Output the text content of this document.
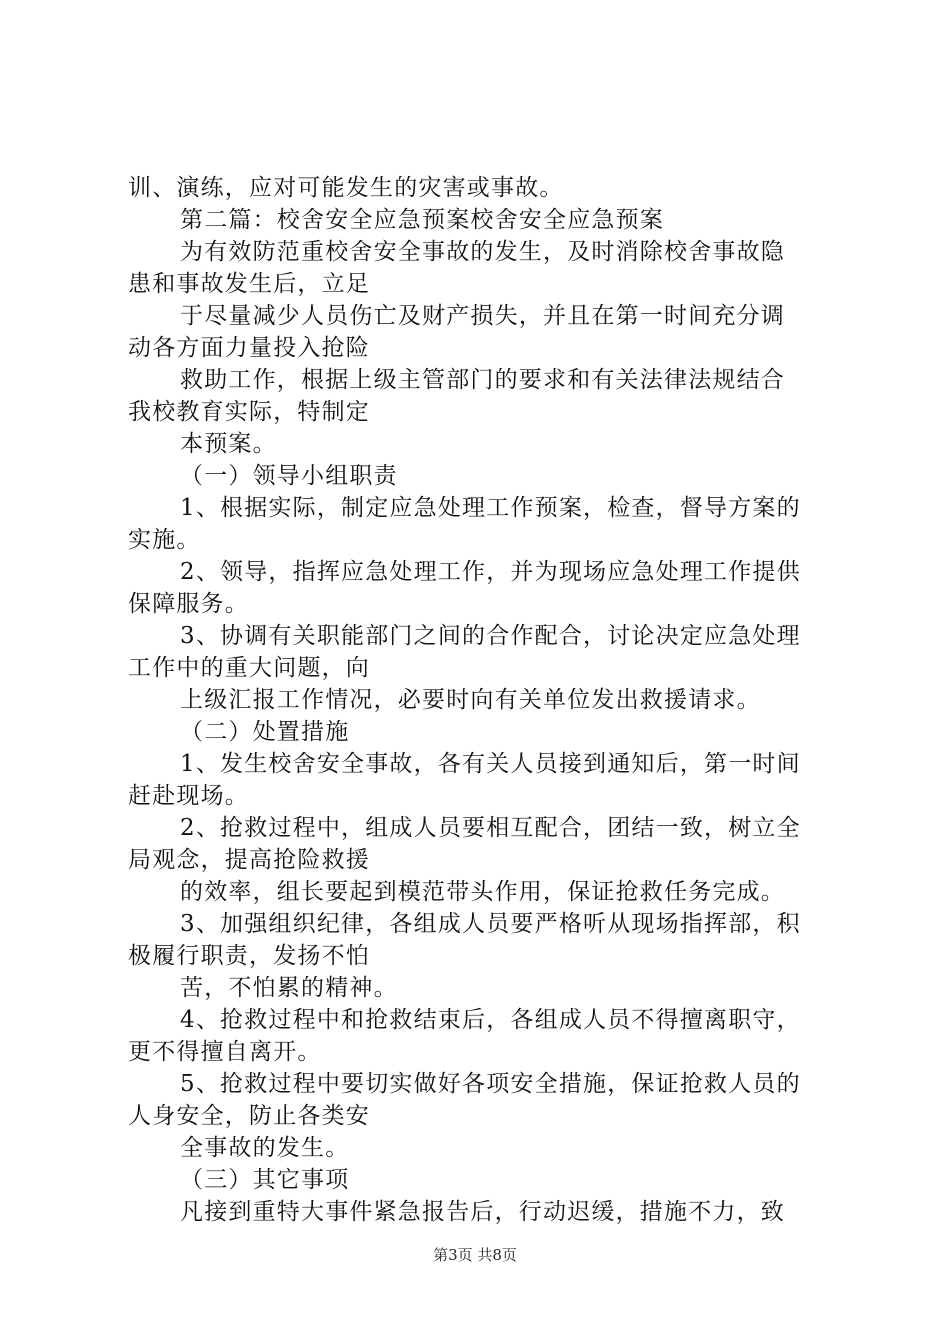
训、演练，应对可能发生的灾害或事故。
第二篇：校舍安全应急预案校舍安全应急预案
为有效防范重校舍安全事故的发生，及时消除校舍事故隐
患和事故发生后，立足
于尽量减少人员伤亡及财产损失，并且在第一时间充分调
动各方面力量投入抢险
救助工作，根据上级主管部门的要求和有关法律法规结合
我校教育实际，特制定
本预案。
（一）领导小组职责
1、根据实际，制定应急处理工作预案，检查，督导方案的
实施。
2、领导，指挥应急处理工作，并为现场应急处理工作提供
保障服务。
3、协调有关职能部门之间的合作配合，讨论决定应急处理
工作中的重大问题，向
上级汇报工作情况，必要时向有关单位发出救援请求。
（二）处置措施
1、发生校舍安全事故，各有关人员接到通知后，第一时间
赶赴现场。
2、抢救过程中，组成人员要相互配合，团结一致，树立全
局观念，提高抢险救援
的效率，组长要起到模范带头作用，保证抢救任务完成。
3、加强组织纪律，各组成人员要严格听从现场指挥部，积
极履行职责，发扬不怕
苦，不怕累的精神。
4、抢救过程中和抢救结束后，各组成人员不得擅离职守，
更不得擅自离开。
5、抢救过程中要切实做好各项安全措施，保证抢救人员的
人身安全，防止各类安
全事故的发生。
（三）其它事项
凡接到重特大事件紧急报告后，行动迟缓，措施不力，致
第3页 共8页
